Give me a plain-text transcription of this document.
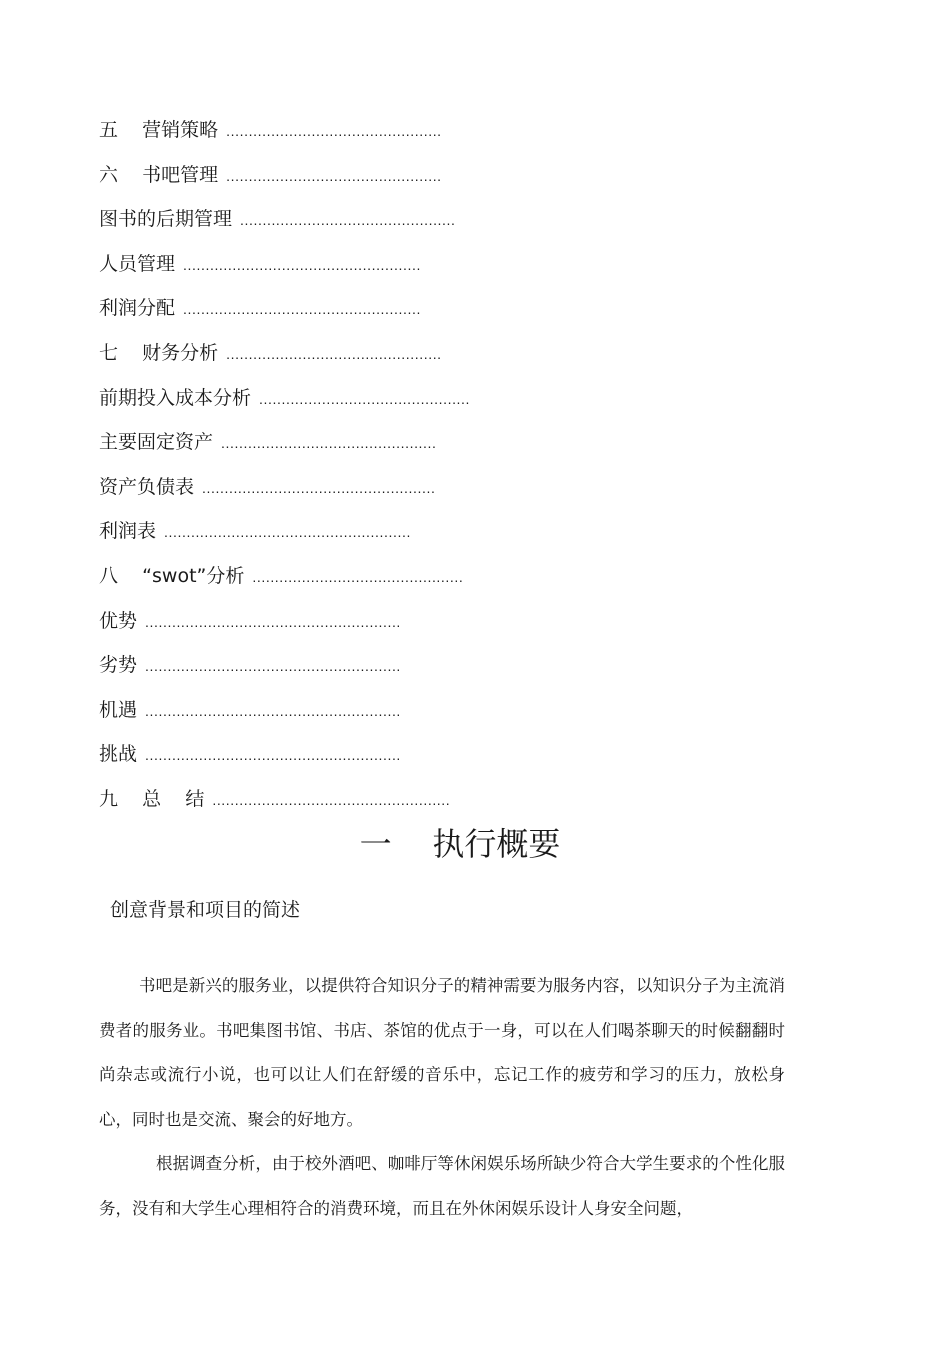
五    营销策略 ................................................
六    书吧管理 ................................................
图书的后期管理 ................................................
人员管理 .....................................................
利润分配 .....................................................
七    财务分析 ................................................
前期投入成本分析 ...............................................
主要固定资产 ................................................
资产负债表 ....................................................
利润表 .......................................................
八    “swot”分析 ...............................................
优势 .........................................................
劣势 .........................................................
机遇 .........................................................
挑战 .........................................................
九    总    结 .....................................................
一    执行概要
创意背景和项目的简述

书吧是新兴的服务业，以提供符合知识分子的精神需要为服务内容，以知识分子为主流消费者的服务业。书吧集图书馆、书店、茶馆的优点于一身，可以在人们喝茶聊天的时候翻翻时尚杂志或流行小说，也可以让人们在舒缓的音乐中，忘记工作的疲劳和学习的压力，放松身心，同时也是交流、聚会的好地方。

根据调查分析，由于校外酒吧、咖啡厅等休闲娱乐场所缺少符合大学生要求的个性化服务，没有和大学生心理相符合的消费环境，而且在外休闲娱乐设计人身安全问题，
